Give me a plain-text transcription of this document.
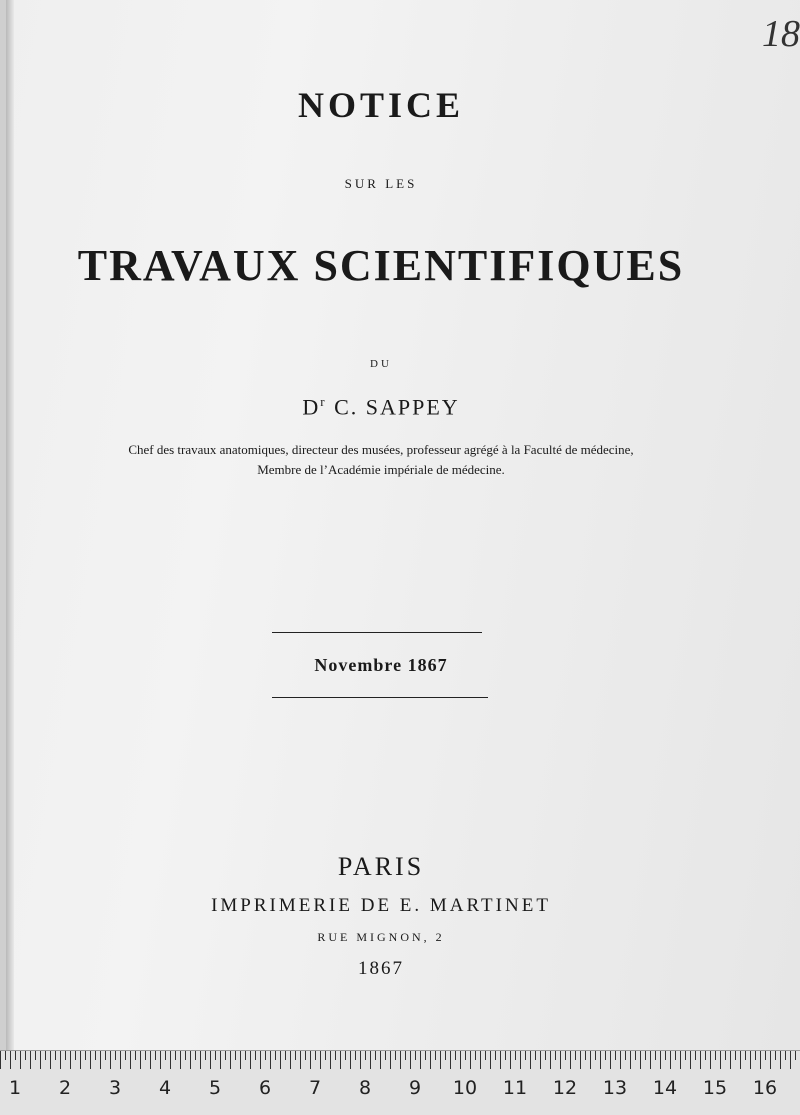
NOTICE
SUR LES
TRAVAUX SCIENTIFIQUES
DU
$D^r$ C. SAPPEY
Chef des travaux anatomiques, directeur des musées, professeur agrégé à la Faculté de médecine,
Membre de l’Académie impériale de médecine.
Novembre 1867
PARIS
IMPRIMERIE DE E. MARTINET
RUE MIGNON, 2
1867
18
1	2	3	4	5	6	7	8	9	10 11 12 13 14 15 16
